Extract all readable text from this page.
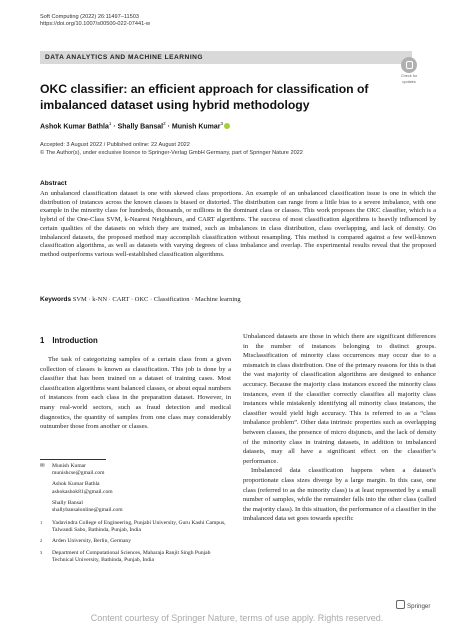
Soft Computing (2022) 26:11497–11503
https://doi.org/10.1007/s00500-022-07441-w
DATA ANALYTICS AND MACHINE LEARNING
Check for
updates
OKC classifier: an efficient approach for classification of imbalanced dataset using hybrid methodology
Ashok Kumar Bathla$^1$ · Shally Bansal$^2$ · Munish Kumar$^3$
Accepted: 3 August 2022 / Published online: 22 August 2022
© The Author(s), under exclusive licence to Springer-Verlag GmbH Germany, part of Springer Nature 2022
Abstract
An unbalanced classification dataset is one with skewed class proportions. An example of an unbalanced classification issue is one in which the distribution of instances across the known classes is biased or distorted. The distribution can range from a little bias to a severe imbalance, with one example in the minority class for hundreds, thousands, or millions in the dominant class or classes. This work proposes the OKC classifier, which is a hybrid of the One-Class SVM, k-Nearest Neighbours, and CART algorithms. The success of most classification algorithms is heavily influenced by certain qualities of the datasets on which they are trained, such as imbalances in class distribution, class overlapping, and lack of density. On imbalanced datasets, the proposed method may accomplish classification without resampling. This method is compared against a few well-known classification algorithms, as well as datasets with varying degrees of class imbalance and overlap. The experimental results reveal that the proposed method outperforms various well-established classification algorithms.
Keywords SVM · k-NN · CART · OKC · Classification · Machine learning
1 Introduction
The task of categorizing samples of a certain class from a given collection of classes is known as classification. This job is done by a classifier that has been trained on a dataset of training cases. Most classification algorithms want balanced classes, or about equal numbers of instances from each class in the preparation dataset. However, in many real-world sectors, such as fraud detection and medical diagnostics, the quantity of samples from one class may considerably outnumber those from another or classes.
Unbalanced datasets are those in which there are significant differences in the number of instances belonging to distinct groups. Misclassification of minority class occurrences may occur due to a mismatch in class distribution. One of the primary reasons for this is that the vast majority of classification algorithms are designed to enhance accuracy. Because the majority class instances exceed the minority class instances, even if the classifier correctly classifies all majority class instances while mistakenly identifying all minority class instances, the classifier would yield high accuracy. This is referred to as a “class imbalance problem”. Other data intrinsic properties such as overlapping between classes, the presence of micro disjuncts, and the lack of density of the minority class in training datasets, in addition to imbalanced datasets, may all have a significant effect on the classifier’s performance.
Imbalanced data classification happens when a dataset’s proportionate class sizes diverge by a large margin. In this case, one class (referred to as the minority class) is at least represented by a small number of samples, while the remainder falls into the other class (called the majority class). In this situation, the performance of a classifier in the imbalanced data set goes towards specific
✉ Munish Kumar
munishcse@gmail.com
Ashok Kumar Bathla
ashokashok81@gmail.com
Shally Bansal
shallybansalonline@gmail.com
1 Yadavindra College of Engineering, Punjabi University, Guru Kashi Campus, Talwandi Sabo, Bathinda, Punjab, India
2 Arden University, Berlin, Germany
3 Department of Computational Sciences, Maharaja Ranjit Singh Punjab Technical University, Bathinda, Punjab, India
Springer
Content courtesy of Springer Nature, terms of use apply. Rights reserved.
